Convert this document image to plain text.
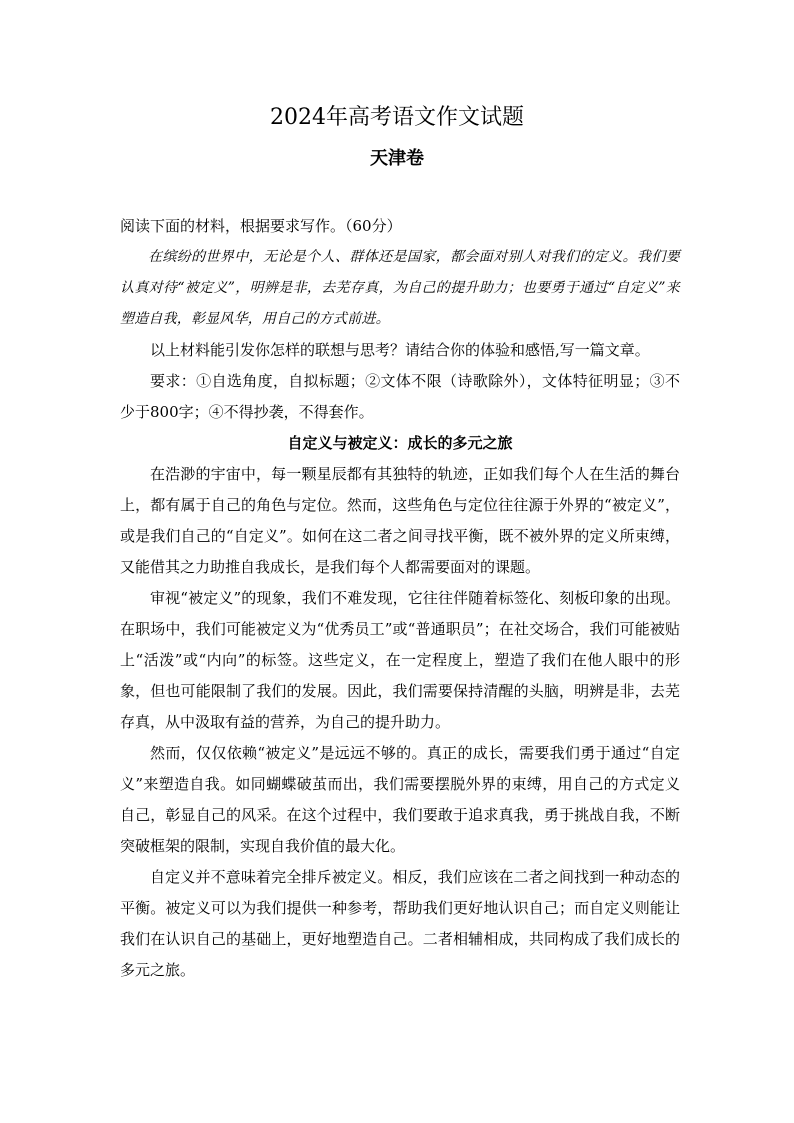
2024年高考语文作文试题
天津卷

阅读下面的材料，根据要求写作。（60分）

在缤纷的世界中，无论是个人、群体还是国家，都会面对别人对我们的定义。我们要认真对待“被定义”，明辨是非，去芜存真，为自己的提升助力；也要勇于通过“自定义”来塑造自我，彰显风华，用自己的方式前进。

以上材料能引发你怎样的联想与思考？请结合你的体验和感悟,写一篇文章。

要求：①自选角度，自拟标题；②文体不限（诗歌除外），文体特征明显；③不少于800字；④不得抄袭，不得套作。

自定义与被定义：成长的多元之旅

在浩渺的宇宙中，每一颗星辰都有其独特的轨迹，正如我们每个人在生活的舞台上，都有属于自己的角色与定位。然而，这些角色与定位往往源于外界的“被定义”，或是我们自己的“自定义”。如何在这二者之间寻找平衡，既不被外界的定义所束缚，又能借其之力助推自我成长，是我们每个人都需要面对的课题。

审视“被定义”的现象，我们不难发现，它往往伴随着标签化、刻板印象的出现。在职场中，我们可能被定义为“优秀员工”或“普通职员”；在社交场合，我们可能被贴上“活泼”或“内向”的标签。这些定义，在一定程度上，塑造了我们在他人眼中的形象，但也可能限制了我们的发展。因此，我们需要保持清醒的头脑，明辨是非，去芜存真，从中汲取有益的营养，为自己的提升助力。

然而，仅仅依赖“被定义”是远远不够的。真正的成长，需要我们勇于通过“自定义”来塑造自我。如同蝴蝶破茧而出，我们需要摆脱外界的束缚，用自己的方式定义自己，彰显自己的风采。在这个过程中，我们要敢于追求真我，勇于挑战自我，不断突破框架的限制，实现自我价值的最大化。

自定义并不意味着完全排斥被定义。相反，我们应该在二者之间找到一种动态的平衡。被定义可以为我们提供一种参考，帮助我们更好地认识自己；而自定义则能让我们在认识自己的基础上，更好地塑造自己。二者相辅相成，共同构成了我们成长的多元之旅。
